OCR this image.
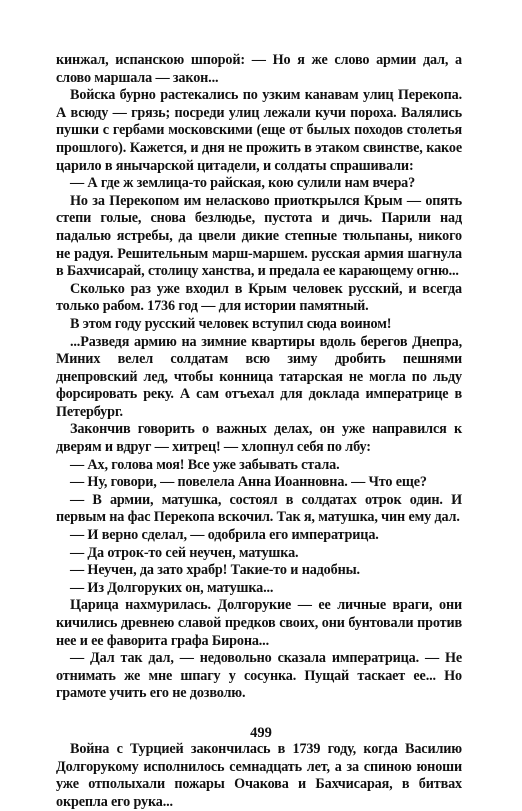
кинжал, испанскою шпорой: — Но я же слово армии дал, а слово маршала — закон...

Войска бурно растекались по узким канавам улиц Перекопа. А всюду — грязь; посреди улиц лежали кучи пороха. Валялись пушки с гербами московскими (еще от былых походов столетья прошлого). Кажется, и дня не прожить в этаком свинстве, какое царило в янычарской цитадели, и солдаты спрашивали:

— А где ж землица-то райская, кою сулили нам вчера?

Но за Перекопом им неласково приоткрылся Крым — опять степи голые, снова безлюдье, пустота и дичь. Парили над падалью ястребы, да цвели дикие степные тюльпаны, никого не радуя. Решительным марш-маршем. русская армия шагнула в Бахчисарай, столицу ханства, и предала ее карающему огню...

Сколько раз уже входил в Крым человек русский, и всегда только рабом. 1736 год — для истории памятный.

В этом году русский человек вступил сюда воином!

...Разведя армию на зимние квартиры вдоль берегов Днепра, Миних велел солдатам всю зиму дробить пешнями днепровский лед, чтобы конница татарская не могла по льду форсировать реку. А сам отъехал для доклада императрице в Петербург.

Закончив говорить о важных делах, он уже направился к дверям и вдруг — хитрец! — хлопнул себя по лбу:

— Ах, голова моя! Все уже забывать стала.

— Ну, говори, — повелела Анна Иоанновна. — Что еще?

— В армии, матушка, состоял в солдатах отрок один. И первым на фас Перекопа вскочил. Так я, матушка, чин ему дал.

— И верно сделал, — одобрила его императрица.

— Да отрок-то сей неучен, матушка.

— Неучен, да зато храбр! Такие-то и надобны.

— Из Долгоруких он, матушка...

Царица нахмурилась. Долгорукие — ее личные враги, они кичились древнею славой предков своих, они бунтовали против нее и ее фаворита графа Бирона...

— Дал так дал, — недовольно сказала императрица. — Не отнимать же мне шпагу у сосунка. Пущай таскает ее... Но грамоте учить его не дозволю.

Война с Турцией закончилась в 1739 году, когда Василию Долгорукому исполнилось семнадцать лет, а за спиною юноши уже отполыхали пожары Очакова и Бахчисарая, в битвах окрепла его рука...

499
